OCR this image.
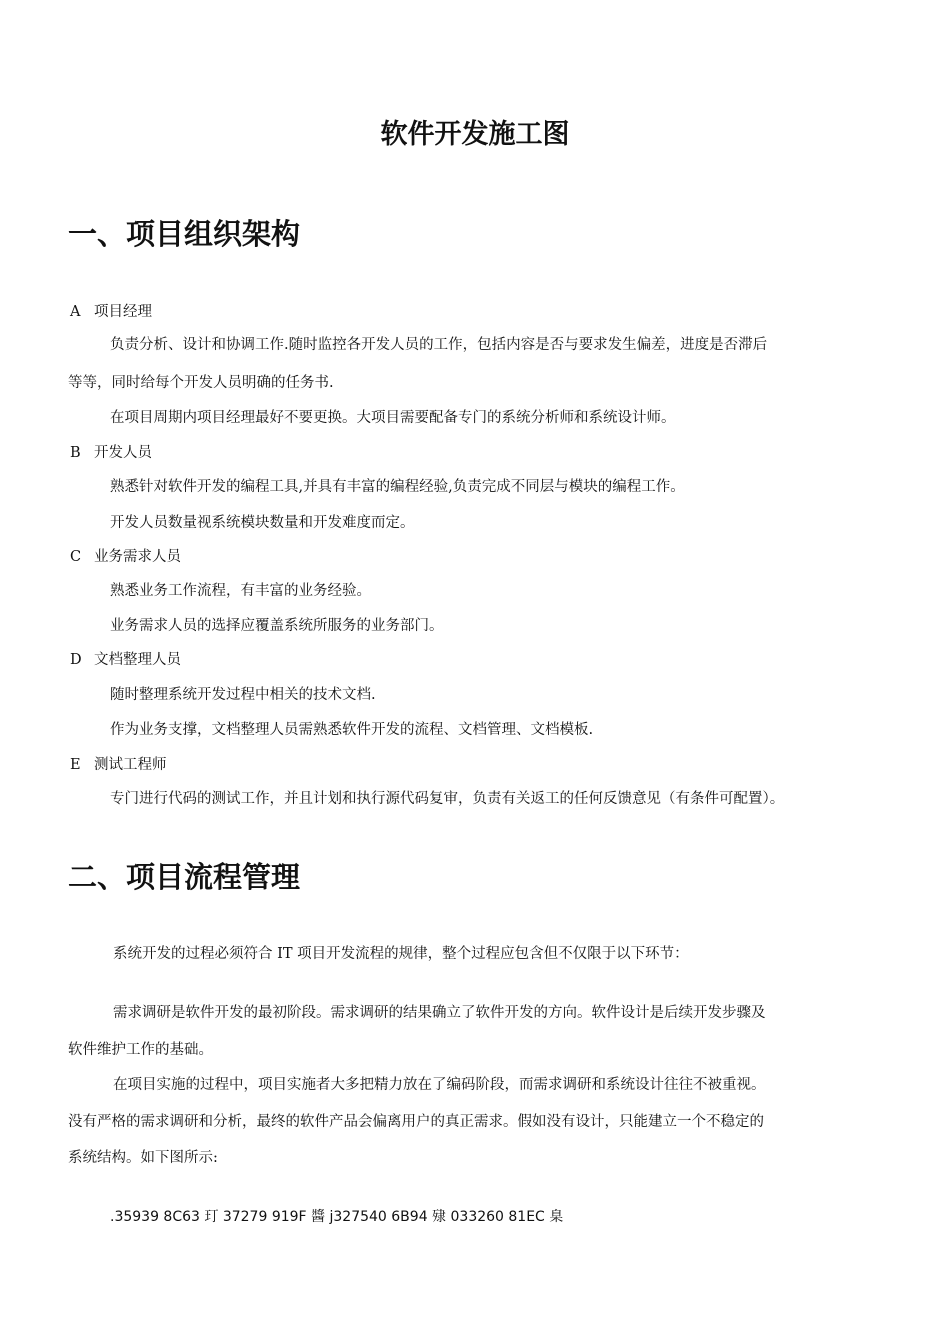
软件开发施工图
一、项目组织架构
A 项目经理
负责分析、设计和协调工作.随时监控各开发人员的工作，包括内容是否与要求发生偏差，进度是否滞后
等等，同时给每个开发人员明确的任务书.
在项目周期内项目经理最好不要更换。大项目需要配备专门的系统分析师和系统设计师。
B 开发人员
熟悉针对软件开发的编程工具,并具有丰富的编程经验,负责完成不同层与模块的编程工作。
开发人员数量视系统模块数量和开发难度而定。
C 业务需求人员
熟悉业务工作流程，有丰富的业务经验。
业务需求人员的选择应覆盖系统所服务的业务部门。
D 文档整理人员
随时整理系统开发过程中相关的技术文档.
作为业务支撑，文档整理人员需熟悉软件开发的流程、文档管理、文档模板.
E 测试工程师
专门进行代码的测试工作，并且计划和执行源代码复审，负责有关返工的任何反馈意见（有条件可配置）。
二、项目流程管理
系统开发的过程必须符合 IT 项目开发流程的规律，整个过程应包含但不仅限于以下环节：
需求调研是软件开发的最初阶段。需求调研的结果确立了软件开发的方向。软件设计是后续开发步骤及
软件维护工作的基础。
在项目实施的过程中，项目实施者大多把精力放在了编码阶段，而需求调研和系统设计往往不被重视。
没有严格的需求调研和分析，最终的软件产品会偏离用户的真正需求。假如没有设计，只能建立一个不稳定的
系统结构。如下图所示:
.35939 8C63 玎 37279 919F 醬 j327540 6B94 殔 033260 81EC 臬
